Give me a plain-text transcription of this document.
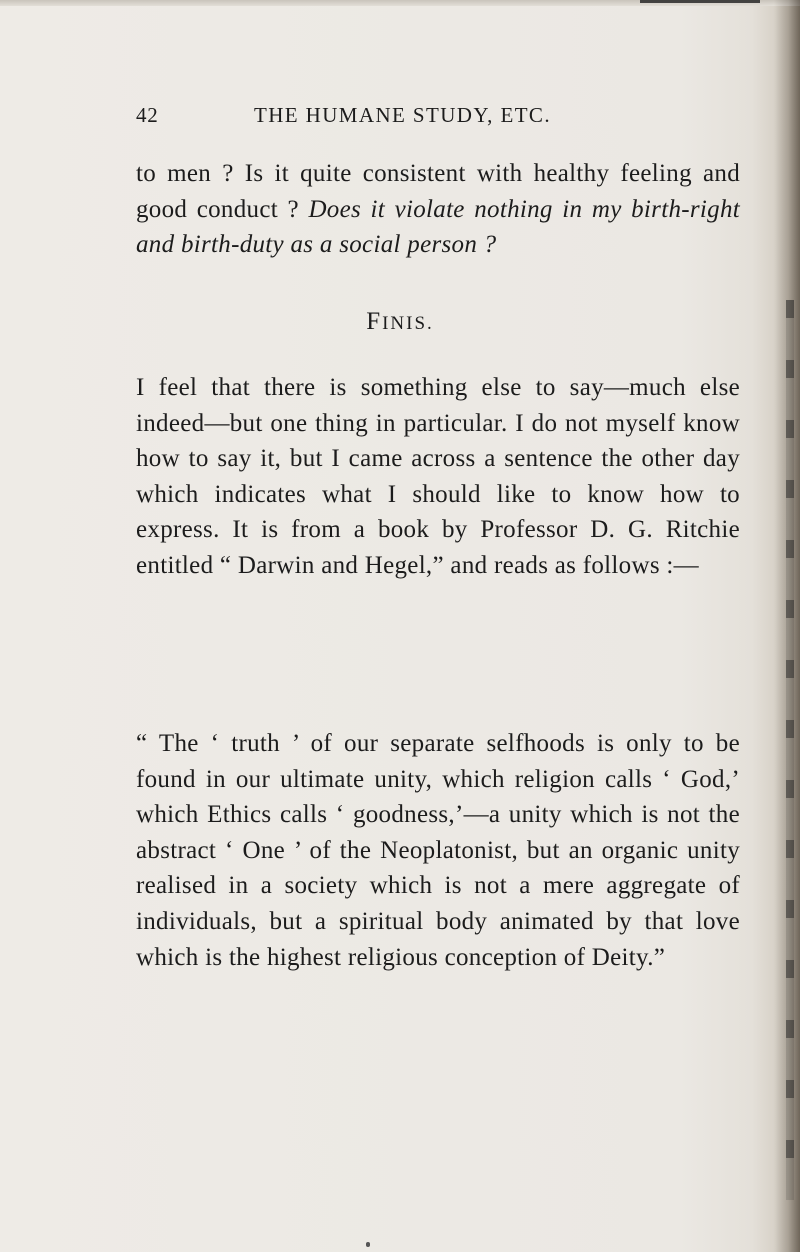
42	THE HUMANE STUDY, ETC.

to men ? Is it quite consistent with healthy feeling and good conduct ? Does it violate nothing in my birth-right and birth-duty as a social person ?

FINIS.

I feel that there is something else to say—much else indeed—but one thing in particular. I do not myself know how to say it, but I came across a sentence the other day which indicates what I should like to know how to express. It is from a book by Professor D. G. Ritchie entitled “ Darwin and Hegel,” and reads as follows :—

“ The ‘ truth ’ of our separate selfhoods is only to be found in our ultimate unity, which religion calls ‘ God,’ which Ethics calls ‘ goodness,’—a unity which is not the abstract ‘ One ’ of the Neoplatonist, but an organic unity realised in a society which is not a mere aggregate of individuals, but a spiritual body animated by that love which is the highest religious conception of Deity.”
